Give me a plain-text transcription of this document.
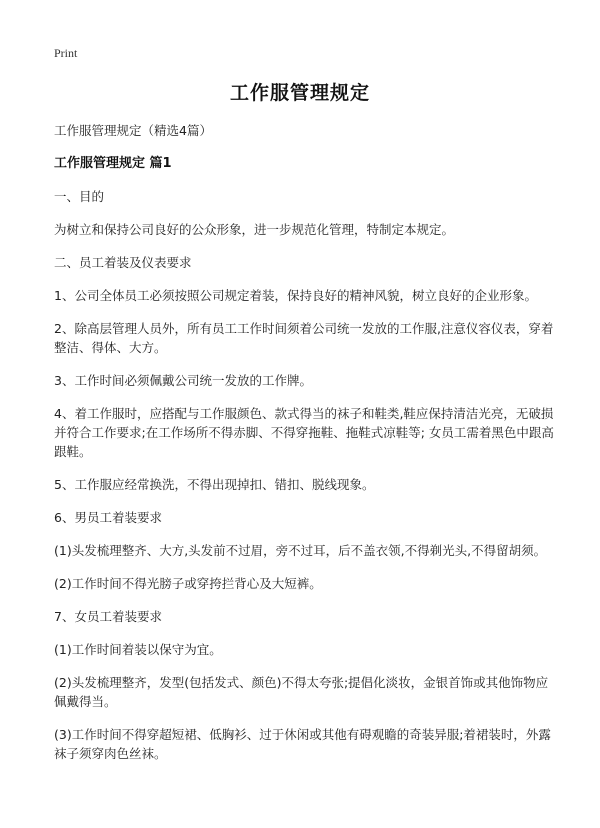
Print
工作服管理规定

工作服管理规定（精选4篇）

工作服管理规定 篇1

一、目的

为树立和保持公司良好的公众形象，进一步规范化管理，特制定本规定。

二、员工着装及仪表要求

1、公司全体员工必须按照公司规定着装，保持良好的精神风貌，树立良好的企业形象。

2、除高层管理人员外，所有员工工作时间须着公司统一发放的工作服,注意仪容仪表，穿着整洁、得体、大方。

3、工作时间必须佩戴公司统一发放的工作牌。

4、着工作服时，应搭配与工作服颜色、款式得当的袜子和鞋类,鞋应保持清洁光亮，无破损并符合工作要求;在工作场所不得赤脚、不得穿拖鞋、拖鞋式凉鞋等; 女员工需着黑色中跟高跟鞋。

5、工作服应经常换洗，不得出现掉扣、错扣、脱线现象。

6、男员工着装要求

(1)头发梳理整齐、大方,头发前不过眉，旁不过耳，后不盖衣领,不得剃光头,不得留胡须。

(2)工作时间不得光膀子或穿挎拦背心及大短裤。

7、女员工着装要求

(1)工作时间着装以保守为宜。

(2)头发梳理整齐，发型(包括发式、颜色)不得太夸张;提倡化淡妆，金银首饰或其他饰物应佩戴得当。

(3)工作时间不得穿超短裙、低胸衫、过于休闲或其他有碍观瞻的奇装异服;着裙装时，外露袜子须穿肉色丝袜。
